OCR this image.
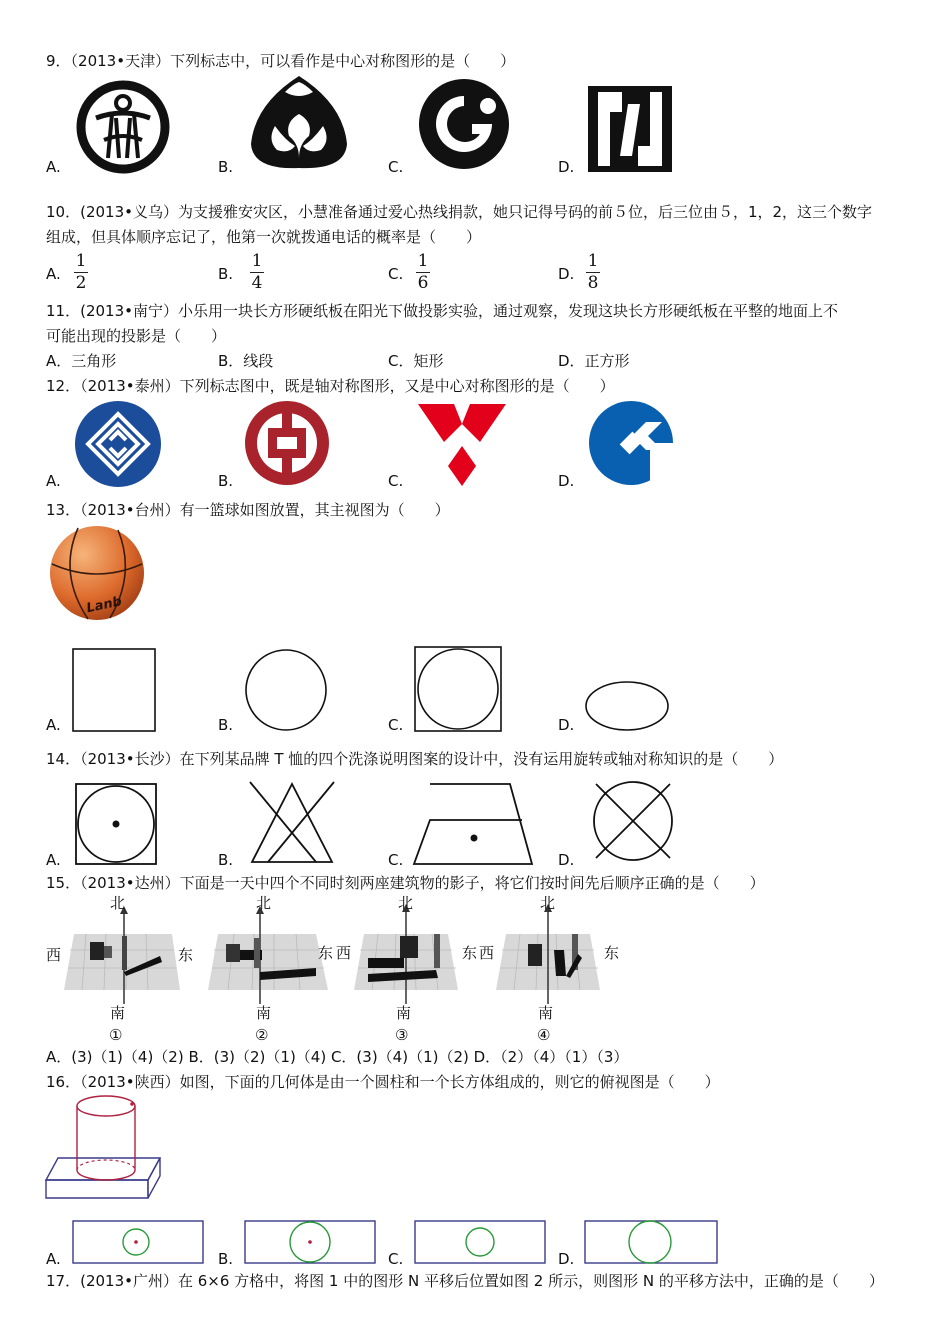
9．（2013•天津）下列标志中，可以看作是中心对称图形的是（　　）
A.	B.	C.	D.
10．(2013•义乌）为支援雅安灾区，小慧准备通过爱心热线捐款，她只记得号码的前５位，后三位由５，1，2，这三个数字
组成，但具体顺序忘记了，他第一次就拨通电话的概率是（　　）
A.
1
2	B.
1
4	C.
1
6	D.
1
8
11．(2013•南宁）小乐用一块长方形硬纸板在阳光下做投影实验，通过观察，发现这块长方形硬纸板在平整的地面上不
可能出现的投影是（　　）
A．三角形	B．线段	C．矩形	D．正方形
12．（2013•泰州）下列标志图中，既是轴对称图形，又是中心对称图形的是（　　）
A.	B.	C.	D.
13．（2013•台州）有一篮球如图放置，其主视图为（　　）
Lanb
A.	B.	C.	D.
14．（2013•长沙）在下列某品牌 T 恤的四个洗涤说明图案的设计中，没有运用旋转或轴对称知识的是（　　）
A.	B.	C.	D.
15．（2013•达州）下面是一天中四个不同时刻两座建筑物的影子，将它们按时间先后顺序正确的是（　　）
北
西
南
①
东
北
南
②
东 西
北
南
③
东 西
北
南
④
东
A．(3)（1)（4)（2) B．(3)（2)（1)（4) C．(3)（4)（1)（2) D．（2）（4）（1）（3）
16．（2013•陕西）如图，下面的几何体是由一个圆柱和一个长方体组成的，则它的俯视图是（　　）
A.	B.	C.	D.
17．(2013•广州）在 6×6 方格中，将图 1 中的图形 N 平移后位置如图 2 所示，则图形 N 的平移方法中，正确的是（　　）
